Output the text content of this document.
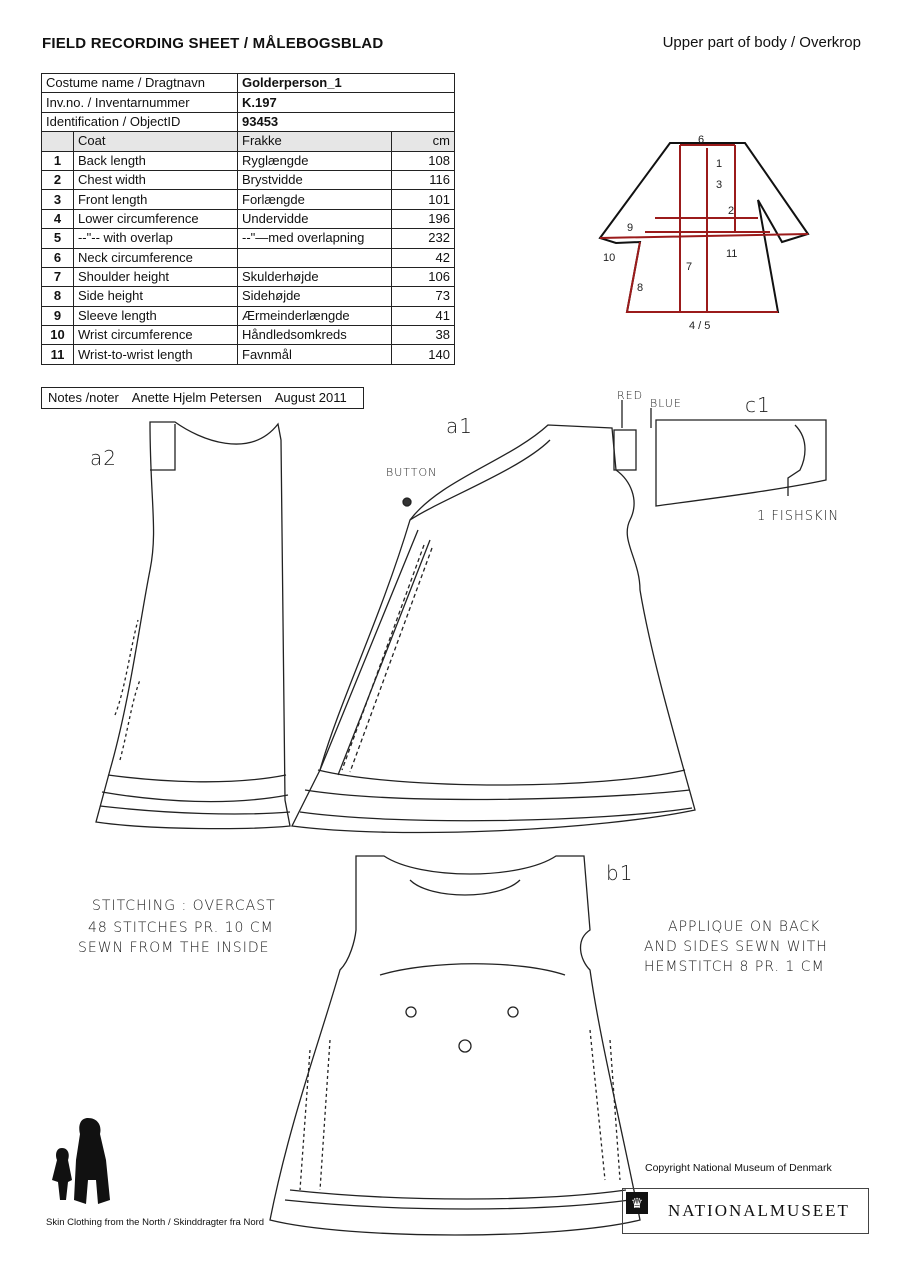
FIELD RECORDING SHEET / MÅLEBOGSBLAD	Upper part of body / Overkrop
Costume name / Dragtnavn		Golderperson_1	
Inv.no. / Inventarnummer		K.197	
Identification / ObjectID		93453	
	Coat	Frakke	cm
1	Back length	Ryglængde	108
2	Chest width	Brystvidde	116
3	Front length	Forlængde	101
4	Lower circumference	Undervidde	196
5	--"-- with overlap	--"—med overlapning	232
6	Neck circumference		42
7	Shoulder height	Skulderhøjde	106
8	Side height	Sidehøjde	73
9	Sleeve length	Ærmeinderlængde	41
10	Wrist circumference	Håndledsomkreds	38
11	Wrist-to-wrist length	Favnmål	140
Notes /noter Anette Hjelm Petersen August 2011
6
1
3
2
9
10	11
7
8
4 / 5
a2
a1
c1
b1
BUTTON
RED
BLUE
1 FISHSKIN
STITCHING : OVERCAST
48 STITCHES PR. 10 CM
SEWN FROM THE INSIDE
APPLIQUE ON BACK
AND SIDES SEWN WITH
HEMSTITCH 8 PR. 1 CM
Copyright National Museum of Denmark
Skin Clothing from the North / Skinddragter fra Nord
♛ NATIONALMUSEET
